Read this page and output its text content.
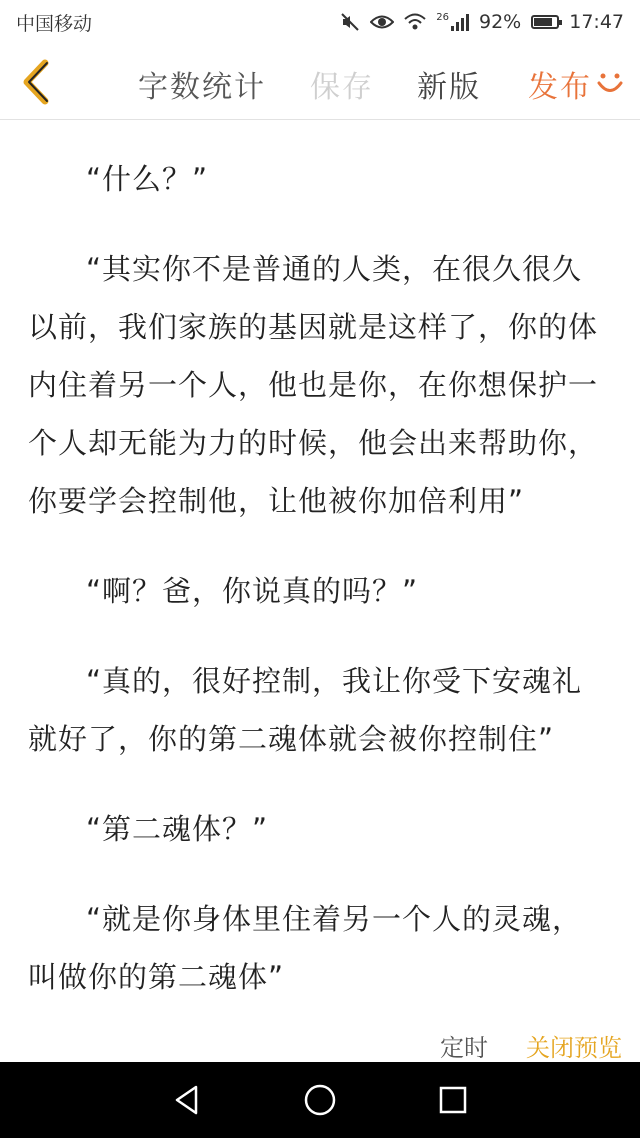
中国移动	26 92%	17:47
字数统计 保存 新版 发布

“什么？”

“其实你不是普通的人类，在很久很久以前，我们家族的基因就是这样了，你的体内住着另一个人，他也是你，在你想保护一个人却无能为力的时候，他会出来帮助你，你要学会控制他，让他被你加倍利用”

“啊？爸，你说真的吗？”

“真的，很好控制，我让你受下安魂礼就好了，你的第二魂体就会被你控制住”

“第二魂体？”

“就是你身体里住着另一个人的灵魂，叫做你的第二魂体”

定时 关闭预览
